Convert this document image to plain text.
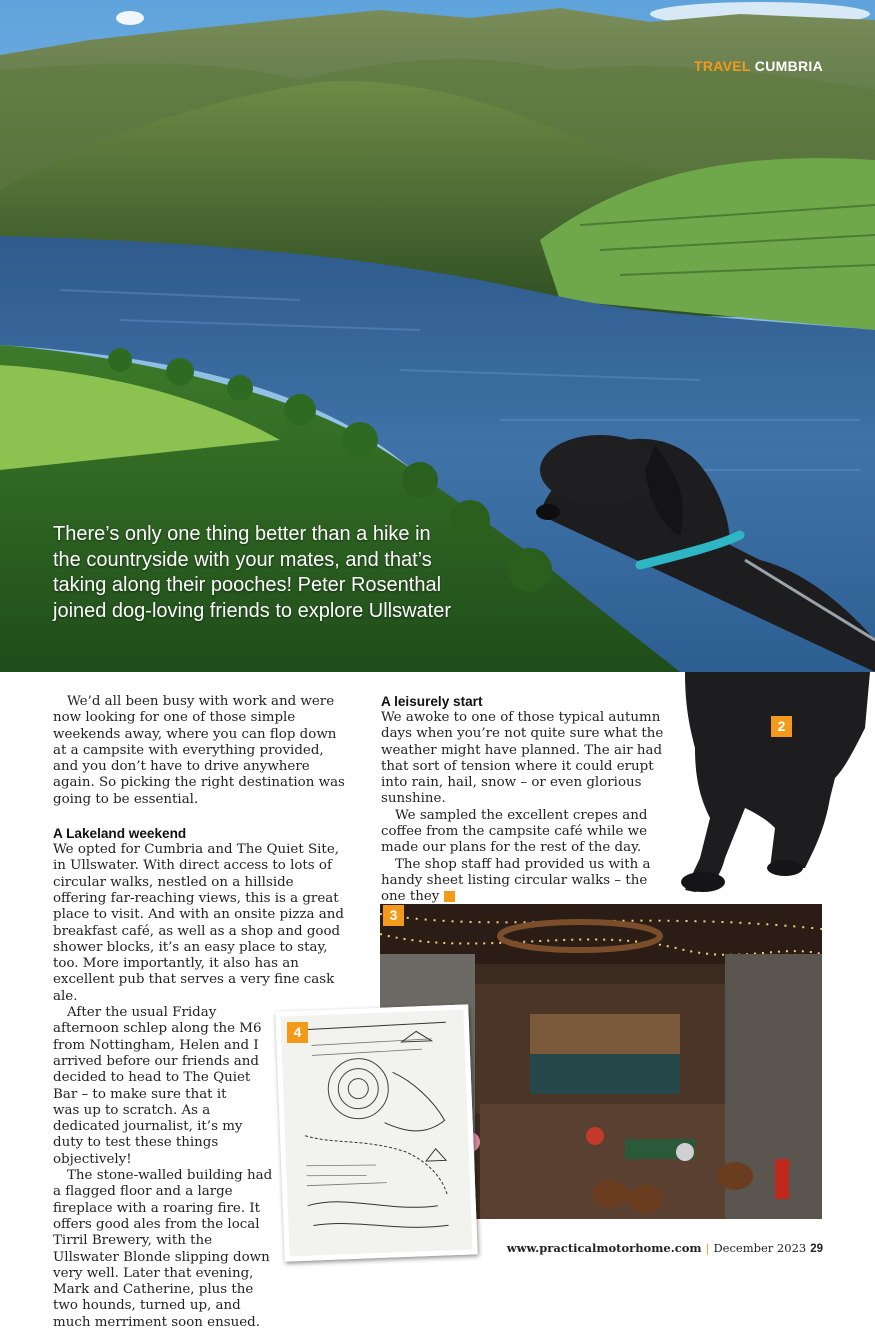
TRAVEL CUMBRIA
There’s only one thing better than a hike in the countryside with your mates, and that’s taking along their pooches! Peter Rosenthal joined dog-loving friends to explore Ullswater
2

We’d all been busy with work and were now looking for one of those simple weekends away, where you can flop down at a campsite with everything provided, and you don’t have to drive anywhere again. So picking the right destination was going to be essential.

A Lakeland weekend

We opted for Cumbria and The Quiet Site, in Ullswater. With direct access to lots of circular walks, nestled on a hillside offering far-reaching views, this is a great place to visit. And with an onsite pizza and breakfast café, as well as a shop and good shower blocks, it’s an easy place to stay, too. More importantly, it also has an excellent pub that serves a very fine cask ale.

After the usual Friday afternoon schlep along the M6 from Nottingham, Helen and I arrived before our friends and decided to head to The Quiet Bar – to make sure that it

was up to scratch. As a dedicated journalist, it’s my duty to test these things objectively!

The stone-walled building had a flagged floor and a large fireplace with a roaring fire. It offers good ales from the local Tirril Brewery, with the Ullswater Blonde slipping down very well. Later that evening, Mark and Catherine, plus the two hounds, turned up, and much merriment soon ensued.

A leisurely start

We awoke to one of those typical autumn days when you’re not quite sure what the weather might have planned. The air had that sort of tension where it could erupt into rain, hail, snow – or even glorious sunshine.

We sampled the excellent crepes and coffee from the campsite café while we made our plans for the rest of the day.

The shop staff had provided us with a handy sheet listing circular walks – the one they ▶

3
4
www.practicalmotorhome.com | December 2023 29
